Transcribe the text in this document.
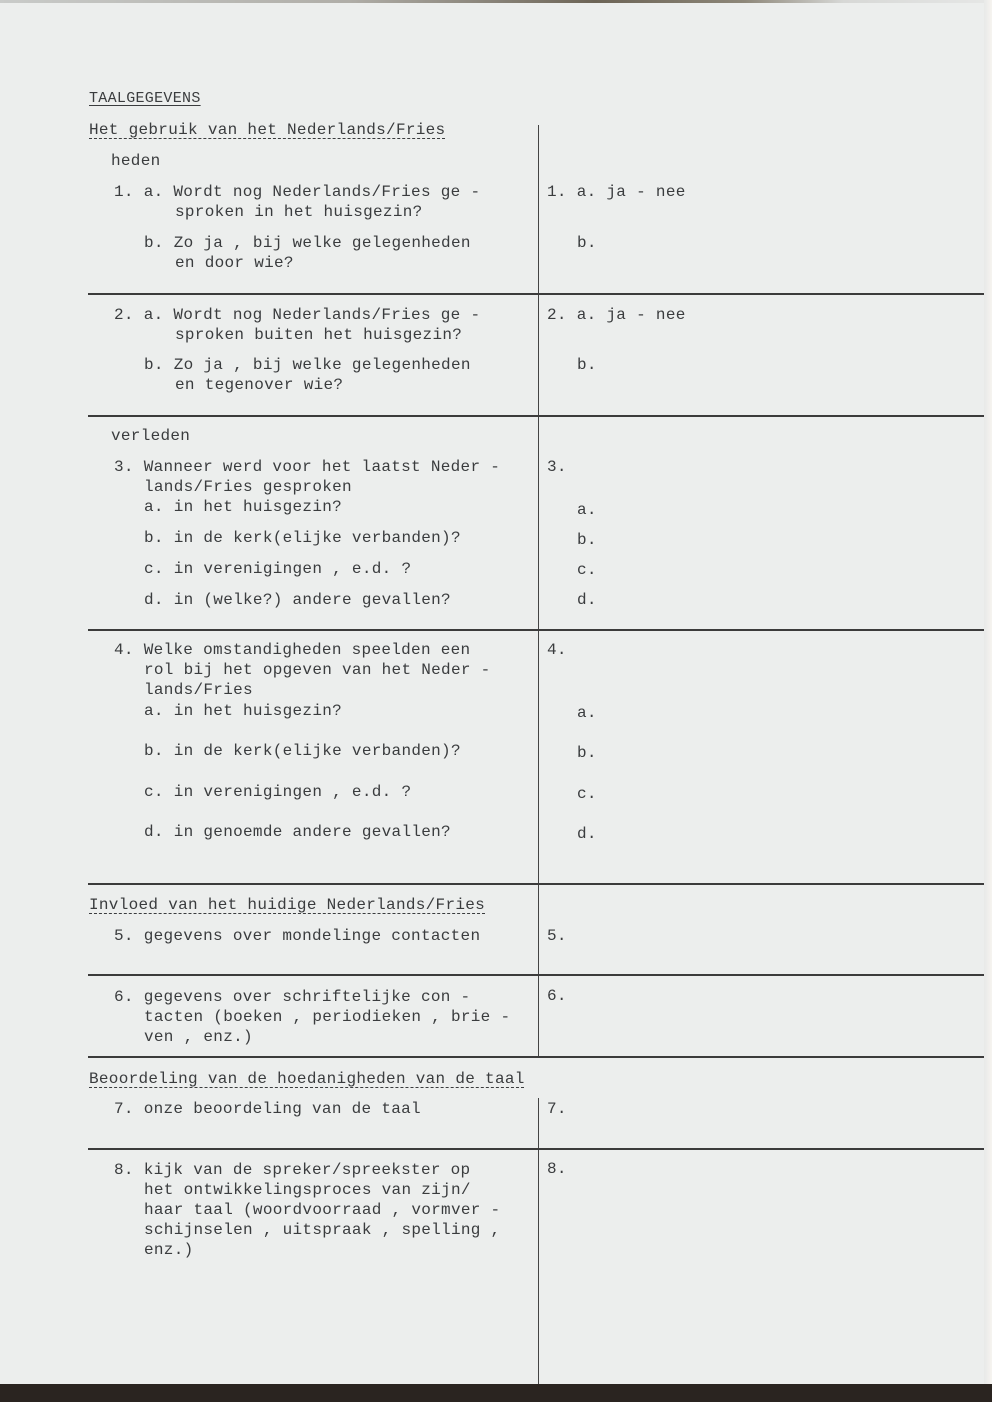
TAALGEGEVENS
Het gebruik van het Nederlands/Fries
heden
1. a. Wordt nog Nederlands/Fries ge -
sproken in het huisgezin?
b. Zo ja , bij welke gelegenheden
en door wie?
1. a. ja - nee
b.
2. a. Wordt nog Nederlands/Fries ge -
sproken buiten het huisgezin?
b. Zo ja , bij welke gelegenheden
en tegenover wie?
2. a. ja - nee
b.
verleden
3. Wanneer werd voor het laatst Neder -
lands/Fries gesproken
a. in het huisgezin?
b. in de kerk(elijke verbanden)?
c. in verenigingen , e.d. ?
d. in (welke?) andere gevallen?
3.
a.
b.
c.
d.
4. Welke omstandigheden speelden een
rol bij het opgeven van het Neder -
lands/Fries
a. in het huisgezin?
b. in de kerk(elijke verbanden)?
c. in verenigingen , e.d. ?
d. in genoemde andere gevallen?
4.
a.
b.
c.
d.
Invloed van het huidige Nederlands/Fries
5. gegevens over mondelinge contacten	5.
6. gegevens over schriftelijke con -
tacten (boeken , periodieken , brie -
ven , enz.)
6.
Beoordeling van de hoedanigheden van de taal
7. onze beoordeling van de taal	7.
8. kijk van de spreker/spreekster op
het ontwikkelingsproces van zijn/
haar taal (woordvoorraad , vormver -
schijnselen , uitspraak , spelling ,
enz.)
8.
